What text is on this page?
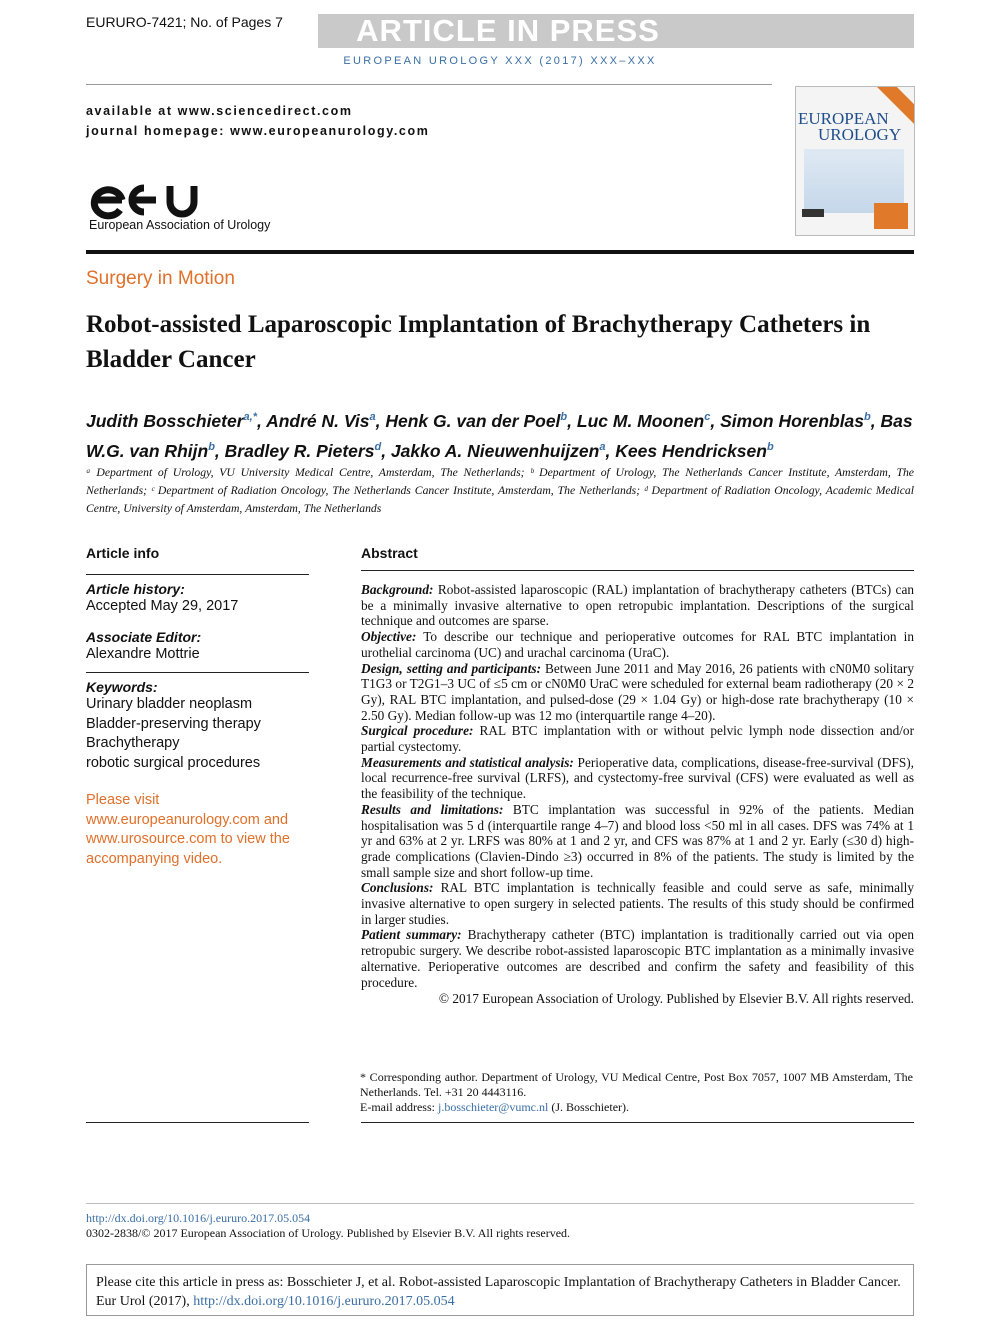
EURURO-7421; No. of Pages 7	ARTICLE IN PRESS
EUROPEAN UROLOGY XXX (2017) XXX–XXX
available at www.sciencedirect.com
journal homepage: www.europeanurology.com
European Association of Urology
EUROPEAN
UROLOGY
Surgery in Motion
Robot-assisted Laparoscopic Implantation of Brachytherapy Catheters in Bladder Cancer
Judith Bosschieter$^{a,*}$, André N. Vis$^a$, Henk G. van der Poel$^b$, Luc M. Moonen$^c$, Simon Horenblas$^b$, Bas W.G. van Rhijn$^b$, Bradley R. Pieters$^d$, Jakko A. Nieuwenhuijzen$^a$, Kees Hendricksen$^b$
ᵃ Department of Urology, VU University Medical Centre, Amsterdam, The Netherlands; ᵇ Department of Urology, The Netherlands Cancer Institute, Amsterdam, The Netherlands; ᶜ Department of Radiation Oncology, The Netherlands Cancer Institute, Amsterdam, The Netherlands; ᵈ Department of Radiation Oncology, Academic Medical Centre, University of Amsterdam, Amsterdam, The Netherlands
Article info
Article history:
Accepted May 29, 2017
Associate Editor:
Alexandre Mottrie
Keywords:
Urinary bladder neoplasm
Bladder-preserving therapy
Brachytherapy
robotic surgical procedures
Please visit www.europeanurology.com and www.urosource.com to view the accompanying video.
Abstract
Background: Robot-assisted laparoscopic (RAL) implantation of brachytherapy catheters (BTCs) can be a minimally invasive alternative to open retropubic implantation. Descriptions of the surgical technique and outcomes are sparse.
Objective: To describe our technique and perioperative outcomes for RAL BTC implantation in urothelial carcinoma (UC) and urachal carcinoma (UraC).
Design, setting and participants: Between June 2011 and May 2016, 26 patients with cN0M0 solitary T1G3 or T2G1–3 UC of ≤5 cm or cN0M0 UraC were scheduled for external beam radiotherapy (20 × 2 Gy), RAL BTC implantation, and pulsed-dose (29 × 1.04 Gy) or high-dose rate brachytherapy (10 × 2.50 Gy). Median follow-up was 12 mo (interquartile range 4–20).
Surgical procedure: RAL BTC implantation with or without pelvic lymph node dissection and/or partial cystectomy.
Measurements and statistical analysis: Perioperative data, complications, disease-free-survival (DFS), local recurrence-free survival (LRFS), and cystectomy-free survival (CFS) were evaluated as well as the feasibility of the technique.
Results and limitations: BTC implantation was successful in 92% of the patients. Median hospitalisation was 5 d (interquartile range 4–7) and blood loss <50 ml in all cases. DFS was 74% at 1 yr and 63% at 2 yr. LRFS was 80% at 1 and 2 yr, and CFS was 87% at 1 and 2 yr. Early (≤30 d) high-grade complications (Clavien-Dindo ≥3) occurred in 8% of the patients. The study is limited by the small sample size and short follow-up time.
Conclusions: RAL BTC implantation is technically feasible and could serve as safe, minimally invasive alternative to open surgery in selected patients. The results of this study should be confirmed in larger studies.
Patient summary: Brachytherapy catheter (BTC) implantation is traditionally carried out via open retropubic surgery. We describe robot-assisted laparoscopic BTC implantation as a minimally invasive alternative. Perioperative outcomes are described and confirm the safety and feasibility of this procedure.
© 2017 European Association of Urology. Published by Elsevier B.V. All rights reserved.
* Corresponding author. Department of Urology, VU Medical Centre, Post Box 7057, 1007 MB Amsterdam, The Netherlands. Tel. +31 20 4443116.
E-mail address: j.bosschieter@vumc.nl (J. Bosschieter).
http://dx.doi.org/10.1016/j.eururo.2017.05.054
0302-2838/© 2017 European Association of Urology. Published by Elsevier B.V. All rights reserved.
Please cite this article in press as: Bosschieter J, et al. Robot-assisted Laparoscopic Implantation of Brachytherapy Catheters in Bladder Cancer. Eur Urol (2017), http://dx.doi.org/10.1016/j.eururo.2017.05.054
